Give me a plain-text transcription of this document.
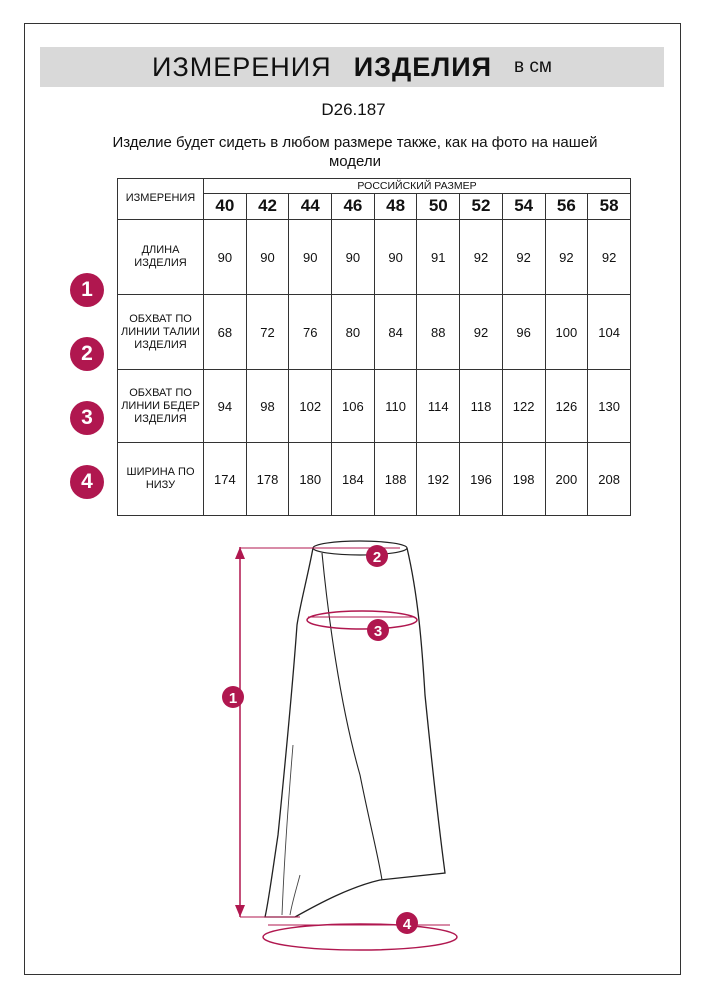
ИЗМЕРЕНИЯ ИЗДЕЛИЯ в см
D26.187
Изделие будет сидеть в любом размере также, как на фото на нашей модели
ИЗМЕРЕНИЯ	РОССИЙСКИЙ РАЗМЕР									
	40	42	44	46	48	50	52	54	56	58
ДЛИНА ИЗДЕЛИЯ	90	90	90	90	90	91	92	92	92	92
ОБХВАТ ПО ЛИНИИ ТАЛИИ ИЗДЕЛИЯ	68	72	76	80	84	88	92	96	100	104
ОБХВАТ ПО ЛИНИИ БЕДЕР ИЗДЕЛИЯ	94	98	102	106	110	114	118	122	126	130
ШИРИНА ПО НИЗУ	174	178	180	184	188	192	196	198	200	208
1
2
3
4
2
3
1
4
